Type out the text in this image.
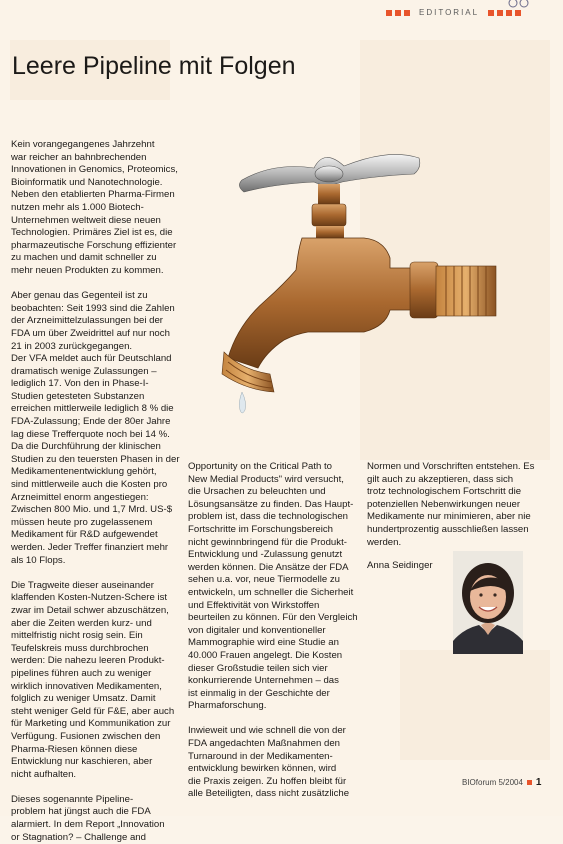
EDITORIAL
Leere Pipeline mit Folgen
Kein vorangegangenes Jahrzehnt
war reicher an bahnbrechenden
Innovationen in Genomics, Proteomics,
Bioinformatik und Nanotechnologie.
Neben den etablierten Pharma-Firmen
nutzen mehr als 1.000 Biotech-
Unternehmen weltweit diese neuen
Technologien. Primäres Ziel ist es, die
pharmazeutische Forschung effizienter
zu machen und damit schneller zu
mehr neuen Produkten zu kommen.

Aber genau das Gegenteil ist zu
beobachten: Seit 1993 sind die Zahlen
der Arzneimittelzulassungen bei der
FDA um über Zweidrittel auf nur noch
21 in 2003 zurückgegangen.
Der VFA meldet auch für Deutschland
dramatisch wenige Zulassungen –
lediglich 17. Von den in Phase-I-
Studien getesteten Substanzen
erreichen mittlerweile lediglich 8 % die
FDA-Zulassung; Ende der 80er Jahre
lag diese Trefferquote noch bei 14 %.
Da die Durchführung der klinischen
Studien zu den teuersten Phasen in der
Medikamentenentwicklung gehört,
sind mittlerweile auch die Kosten pro
Arzneimittel enorm angestiegen:
Zwischen 800 Mio. und 1,7 Mrd. US-$
müssen heute pro zugelassenem
Medikament für R&D aufgewendet
werden. Jeder Treffer finanziert mehr
als 10 Flops.

Die Tragweite dieser auseinander
klaffenden Kosten-Nutzen-Schere ist
zwar im Detail schwer abzuschätzen,
aber die Zeiten werden kurz- und
mittelfristig nicht rosig sein. Ein
Teufelskreis muss durchbrochen
werden: Die nahezu leeren Produkt-
pipelines führen auch zu weniger
wirklich innovativen Medikamenten,
folglich zu weniger Umsatz. Damit
steht weniger Geld für F&E, aber auch
für Marketing und Kommunikation zur
Verfügung. Fusionen zwischen den
Pharma-Riesen können diese
Entwicklung nur kaschieren, aber
nicht aufhalten.

Dieses sogenannte Pipeline-
problem hat jüngst auch die FDA
alarmiert. In dem Report „Innovation
or Stagnation? – Challenge and
Opportunity on the Critical Path to
New Medial Products" wird versucht,
die Ursachen zu beleuchten und
Lösungsansätze zu finden. Das Haupt-
problem ist, dass die technologischen
Fortschritte im Forschungsbereich
nicht gewinnbringend für die Produkt-
Entwicklung und -Zulassung genutzt
werden können. Die Ansätze der FDA
sehen u.a. vor, neue Tiermodelle zu
entwickeln, um schneller die Sicherheit
und Effektivität von Wirkstoffen
beurteilen zu können. Für den Vergleich
von digitaler und konventioneller
Mammographie wird eine Studie an
40.000 Frauen angelegt. Die Kosten
dieser Großstudie teilen sich vier
konkurrierende Unternehmen – das
ist einmalig in der Geschichte der
Pharmaforschung.

Inwieweit und wie schnell die von der
FDA angedachten Maßnahmen den
Turnaround in der Medikamenten-
entwicklung bewirken können, wird
die Praxis zeigen. Zu hoffen bleibt für
alle Beteiligten, dass nicht zusätzliche
Normen und Vorschriften entstehen. Es
gilt auch zu akzeptieren, dass sich
trotz technologischem Fortschritt die
potenziellen Nebenwirkungen neuer
Medikamente nur minimieren, aber nie
hundertprozentig ausschließen lassen
werden.
Anna Seidinger
BIOforum 5/2004 1
